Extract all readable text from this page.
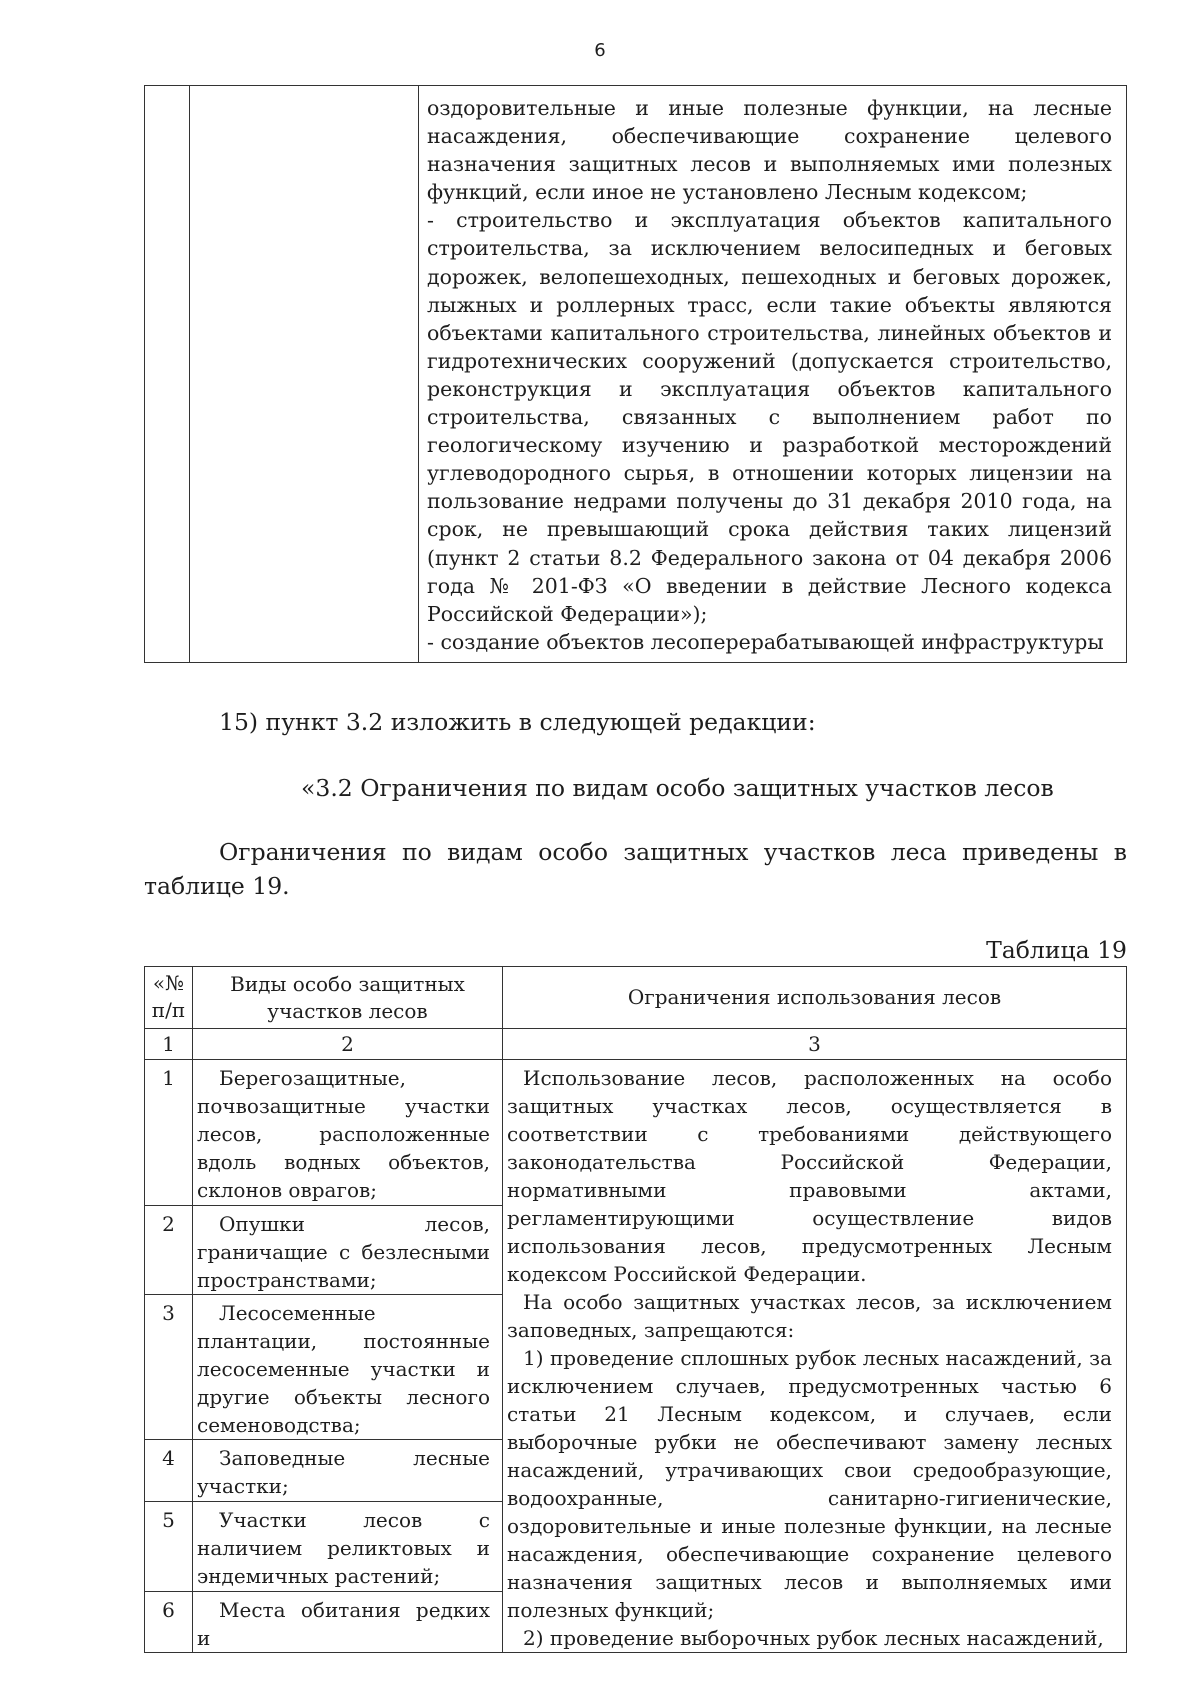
6

оздоровительные и иные полезные функции, на лесные насаждения, обеспечивающие сохранение целевого назначения защитных лесов и выполняемых ими полезных функций, если иное не установлено Лесным кодексом;

- строительство и эксплуатация объектов капитального строительства, за исключением велосипедных и беговых дорожек, велопешеходных, пешеходных и беговых дорожек, лыжных и роллерных трасс, если такие объекты являются объектами капитального строительства, линейных объектов и гидротехнических сооружений (допускается строительство, реконструкция и эксплуатация объектов капитального строительства, связанных с выполнением работ по геологическому изучению и разработкой месторождений углеводородного сырья, в отношении которых лицензии на пользование недрами получены до 31 декабря 2010 года, на срок, не превышающий срока действия таких лицензий (пункт 2 статьи 8.2 Федерального закона от 04 декабря 2006 года № 201-ФЗ «О введении в действие Лесного кодекса Российской Федерации»);

- создание объектов лесоперерабатывающей инфраструктуры

15) пункт 3.2 изложить в следующей редакции:
«3.2 Ограничения по видам особо защитных участков лесов
Ограничения по видам особо защитных участков леса приведены в таблице 19.
Таблица 19
«№ п/п	Виды особо защитных участков лесов	Ограничения использования лесов
1	2	3
1	Берегозащитные, почвозащитные участки лесов, расположенные вдоль водных объектов, склонов оврагов;	Использование лесов, расположенных на особо защитных участках лесов, осуществляется в соответствии с требованиями действующего законодательства Российской Федерации, нормативными правовыми актами, регламентирующими осуществление видов использования лесов, предусмотренных Лесным кодексом Российской Федерации.

На особо защитных участках лесов, за исключением заповедных, запрещаются:

1) проведение сплошных рубок лесных насаждений, за исключением случаев, предусмотренных частью 6 статьи 21 Лесным кодексом, и случаев, если выборочные рубки не обеспечивают замену лесных насаждений, утрачивающих свои средообразующие, водоохранные, санитарно-гигиенические, оздоровительные и иные полезные функции, на лесные насаждения, обеспечивающие сохранение целевого назначения защитных лесов и выполняемых ими полезных функций;

2) проведение выборочных рубок лесных насаждений,

2	Опушки лесов, граничащие с безлесными пространствами;	
3	Лесосеменные плантации, постоянные лесосеменные участки и другие объекты лесного семеноводства;	
4	Заповедные лесные участки;	
5	Участки лесов с наличием реликтовых и эндемичных растений;	
6	Места обитания редких и	
